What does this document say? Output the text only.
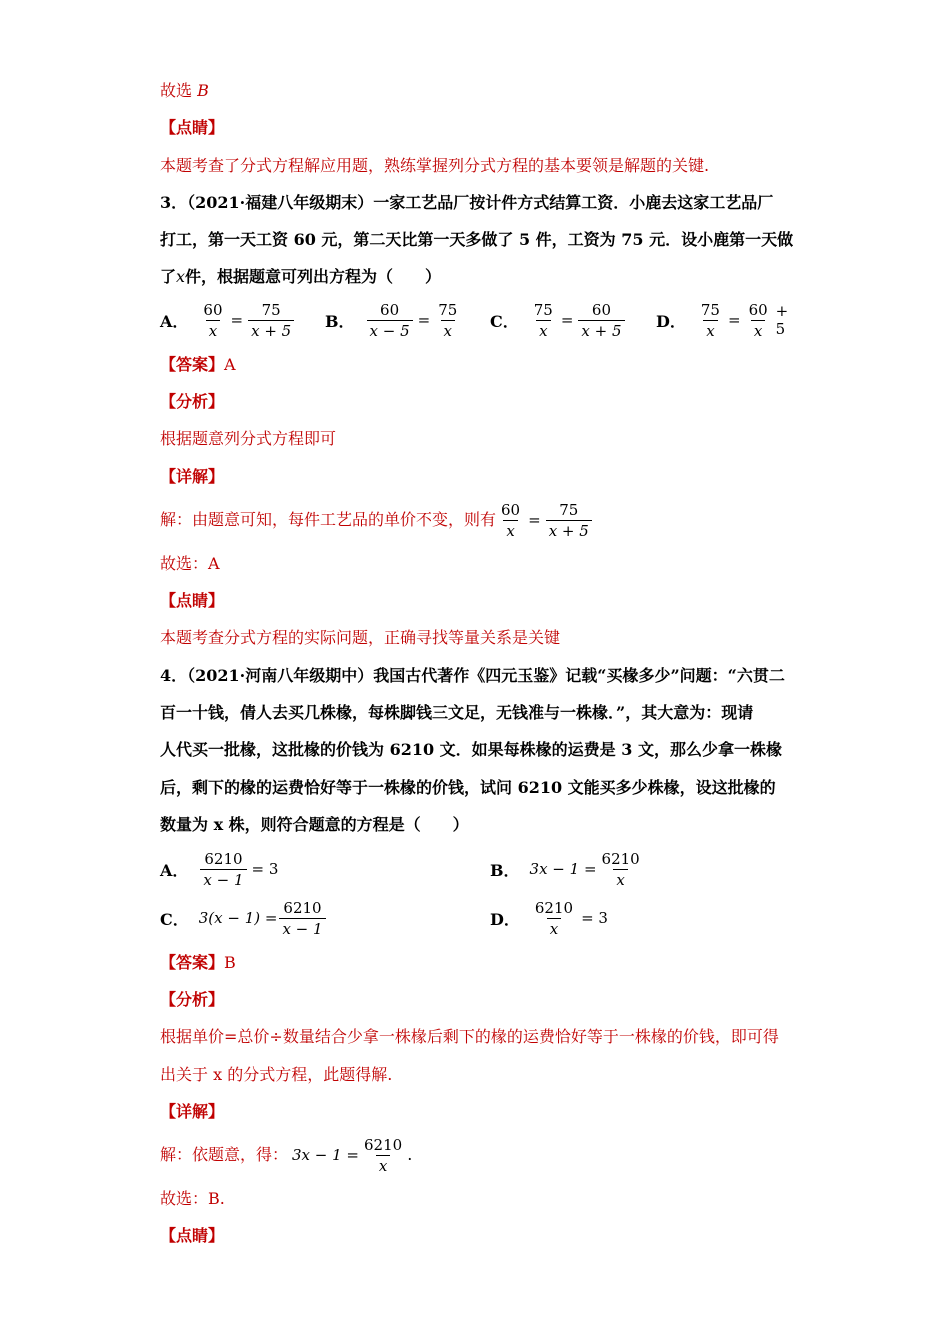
故选 B
【点睛】
本题考查了分式方程解应用题，熟练掌握列分式方程的基本要领是解题的关键.
3．（2021·福建八年级期末）一家工艺品厂按计件方式结算工资．小鹿去这家工艺品厂
打工，第一天工资 60 元，第二天比第一天多做了 5 件，工资为 75 元．设小鹿第一天做
了x件，根据题意可列出方程为（　　）
A． $\frac{60}{x} = \frac{75}{x + 5}$ B． $\frac{60}{x - 5} = \frac{75}{x}$ C． $\frac{75}{x} = \frac{60}{x + 5}$ D． $\frac{75}{x} = \frac{60}{x} + 5$
【答案】A
【分析】
根据题意列分式方程即可
【详解】
解：由题意可知，每件工艺品的单价不变，则有 $\frac{60}{x} = \frac{75}{x + 5}$
故选：A
【点睛】
本题考查分式方程的实际问题，正确寻找等量关系是关键
4．（2021·河南八年级期中）我国古代著作《四元玉鉴》记载“买椽多少”问题：“六贯二
百一十钱，倩人去买几株椽，每株脚钱三文足，无钱准与一株椽．”，其大意为：现请
人代买一批椽，这批椽的价钱为 6210 文．如果每株椽的运费是 3 文，那么少拿一株椽
后，剩下的椽的运费恰好等于一株椽的价钱，试问 6210 文能买多少株椽，设这批椽的
数量为 x 株，则符合题意的方程是（　　）
A． $\frac{6210}{x - 1} = 3$	B． $3x - 1 = \frac{6210}{x}$
C． $3(x - 1) = \frac{6210}{x - 1}$	D． $\frac{6210}{x} = 3$
【答案】B
【分析】
根据单价=总价÷数量结合少拿一株椽后剩下的椽的运费恰好等于一株椽的价钱，即可得
出关于 x 的分式方程，此题得解.
【详解】
解：依题意，得： $3x - 1 = \frac{6210}{x}$ .
故选：B.
【点睛】
